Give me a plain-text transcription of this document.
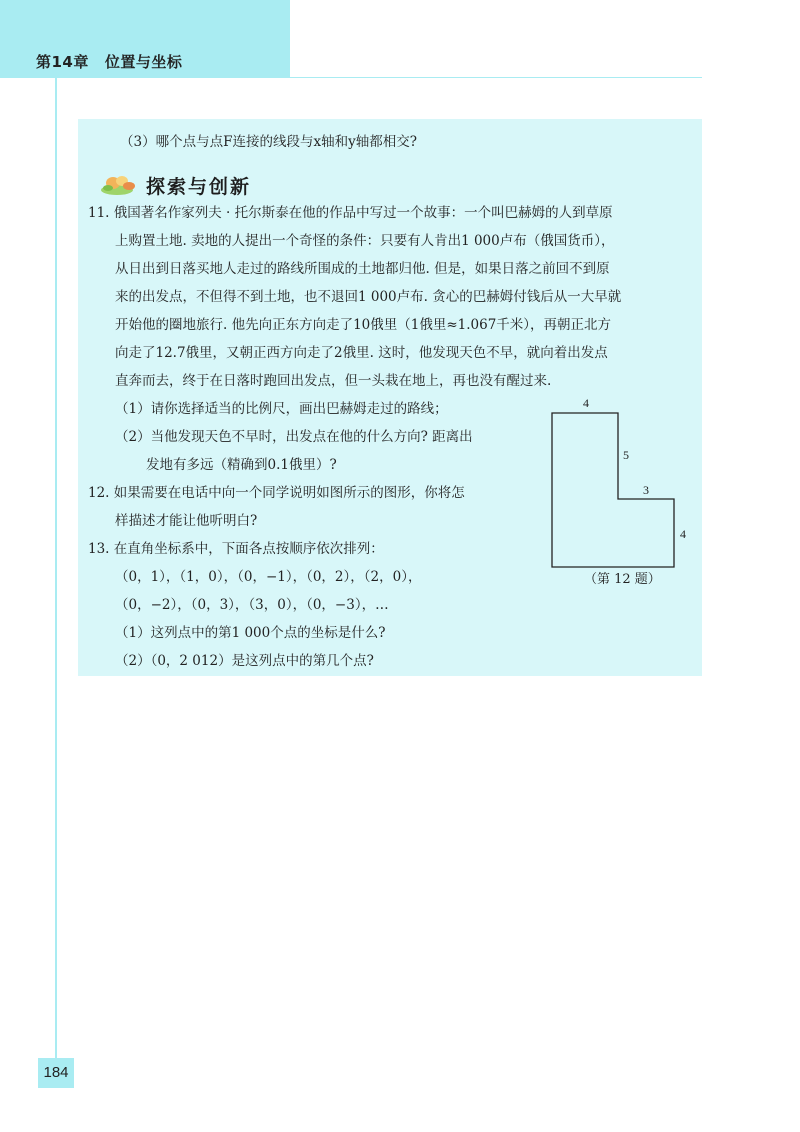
第14章 位置与坐标
（3）哪个点与点F连接的线段与x轴和y轴都相交?
探索与创新
11. 俄国著名作家列夫 · 托尔斯泰在他的作品中写过一个故事：一个叫巴赫姆的人到草原
上购置土地. 卖地的人提出一个奇怪的条件：只要有人肯出1 000卢布（俄国货币），
从日出到日落买地人走过的路线所围成的土地都归他. 但是，如果日落之前回不到原
来的出发点，不但得不到土地，也不退回1 000卢布. 贪心的巴赫姆付钱后从一大早就
开始他的圈地旅行. 他先向正东方向走了10俄里（1俄里≈1.067千米），再朝正北方
向走了12.7俄里，又朝正西方向走了2俄里. 这时，他发现天色不早，就向着出发点
直奔而去，终于在日落时跑回出发点，但一头栽在地上，再也没有醒过来.
（1）请你选择适当的比例尺，画出巴赫姆走过的路线；
（2）当他发现天色不早时，出发点在他的什么方向? 距离出
发地有多远（精确到0.1俄里）?
12. 如果需要在电话中向一个同学说明如图所示的图形，你将怎
样描述才能让他听明白?
13. 在直角坐标系中，下面各点按顺序依次排列：
（0，1），（1，0），（0，−1），（0，2），（2，0），
（0，−2），（0，3），（3，0），（0，−3），…
（1）这列点中的第1 000个点的坐标是什么?
（2）（0，2 012）是这列点中的第几个点?
4
5
3
4
（第 12 题）
184
